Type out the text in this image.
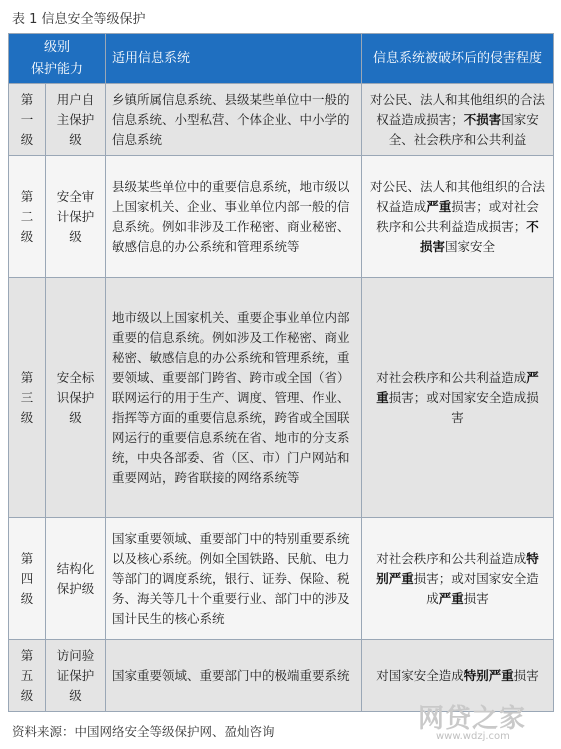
表 1 信息安全等级保护
级别
保护能力		适用信息系统	信息系统被破坏后的侵害程度

第
一
级	用户自主保护级	乡镇所属信息系统、县级某些单位中一般的信息系统、小型私营、个体企业、中小学的信息系统	对公民、法人和其他组织的合法权益造成损害；不损害国家安全、社会秩序和公共利益

第
二
级	安全审计保护级	县级某些单位中的重要信息系统，地市级以上国家机关、企业、事业单位内部一般的信息系统。例如非涉及工作秘密、商业秘密、敏感信息的办公系统和管理系统等	对公民、法人和其他组织的合法权益造成严重损害；或对社会秩序和公共利益造成损害；不损害国家安全

第
三
级	安全标识保护级	地市级以上国家机关、重要企事业单位内部重要的信息系统。例如涉及工作秘密、商业秘密、敏感信息的办公系统和管理系统，重要领域、重要部门跨省、跨市或全国（省）联网运行的用于生产、调度、管理、作业、指挥等方面的重要信息系统，跨省或全国联网运行的重要信息系统在省、地市的分支系统，中央各部委、省（区、市）门户网站和重要网站，跨省联接的网络系统等	对社会秩序和公共利益造成严重损害；或对国家安全造成损害

第
四
级	结构化保护级	国家重要领域、重要部门中的特别重要系统以及核心系统。例如全国铁路、民航、电力等部门的调度系统，银行、证券、保险、税务、海关等几十个重要行业、部门中的涉及国计民生的核心系统	对社会秩序和公共利益造成特别严重损害；或对国家安全造成严重损害

第
五
级	访问验证保护级	国家重要领域、重要部门中的极端重要系统	对国家安全造成特别严重损害
网贷之家
www.wdzj.com
资料来源：中国网络安全等级保护网、盈灿咨询
